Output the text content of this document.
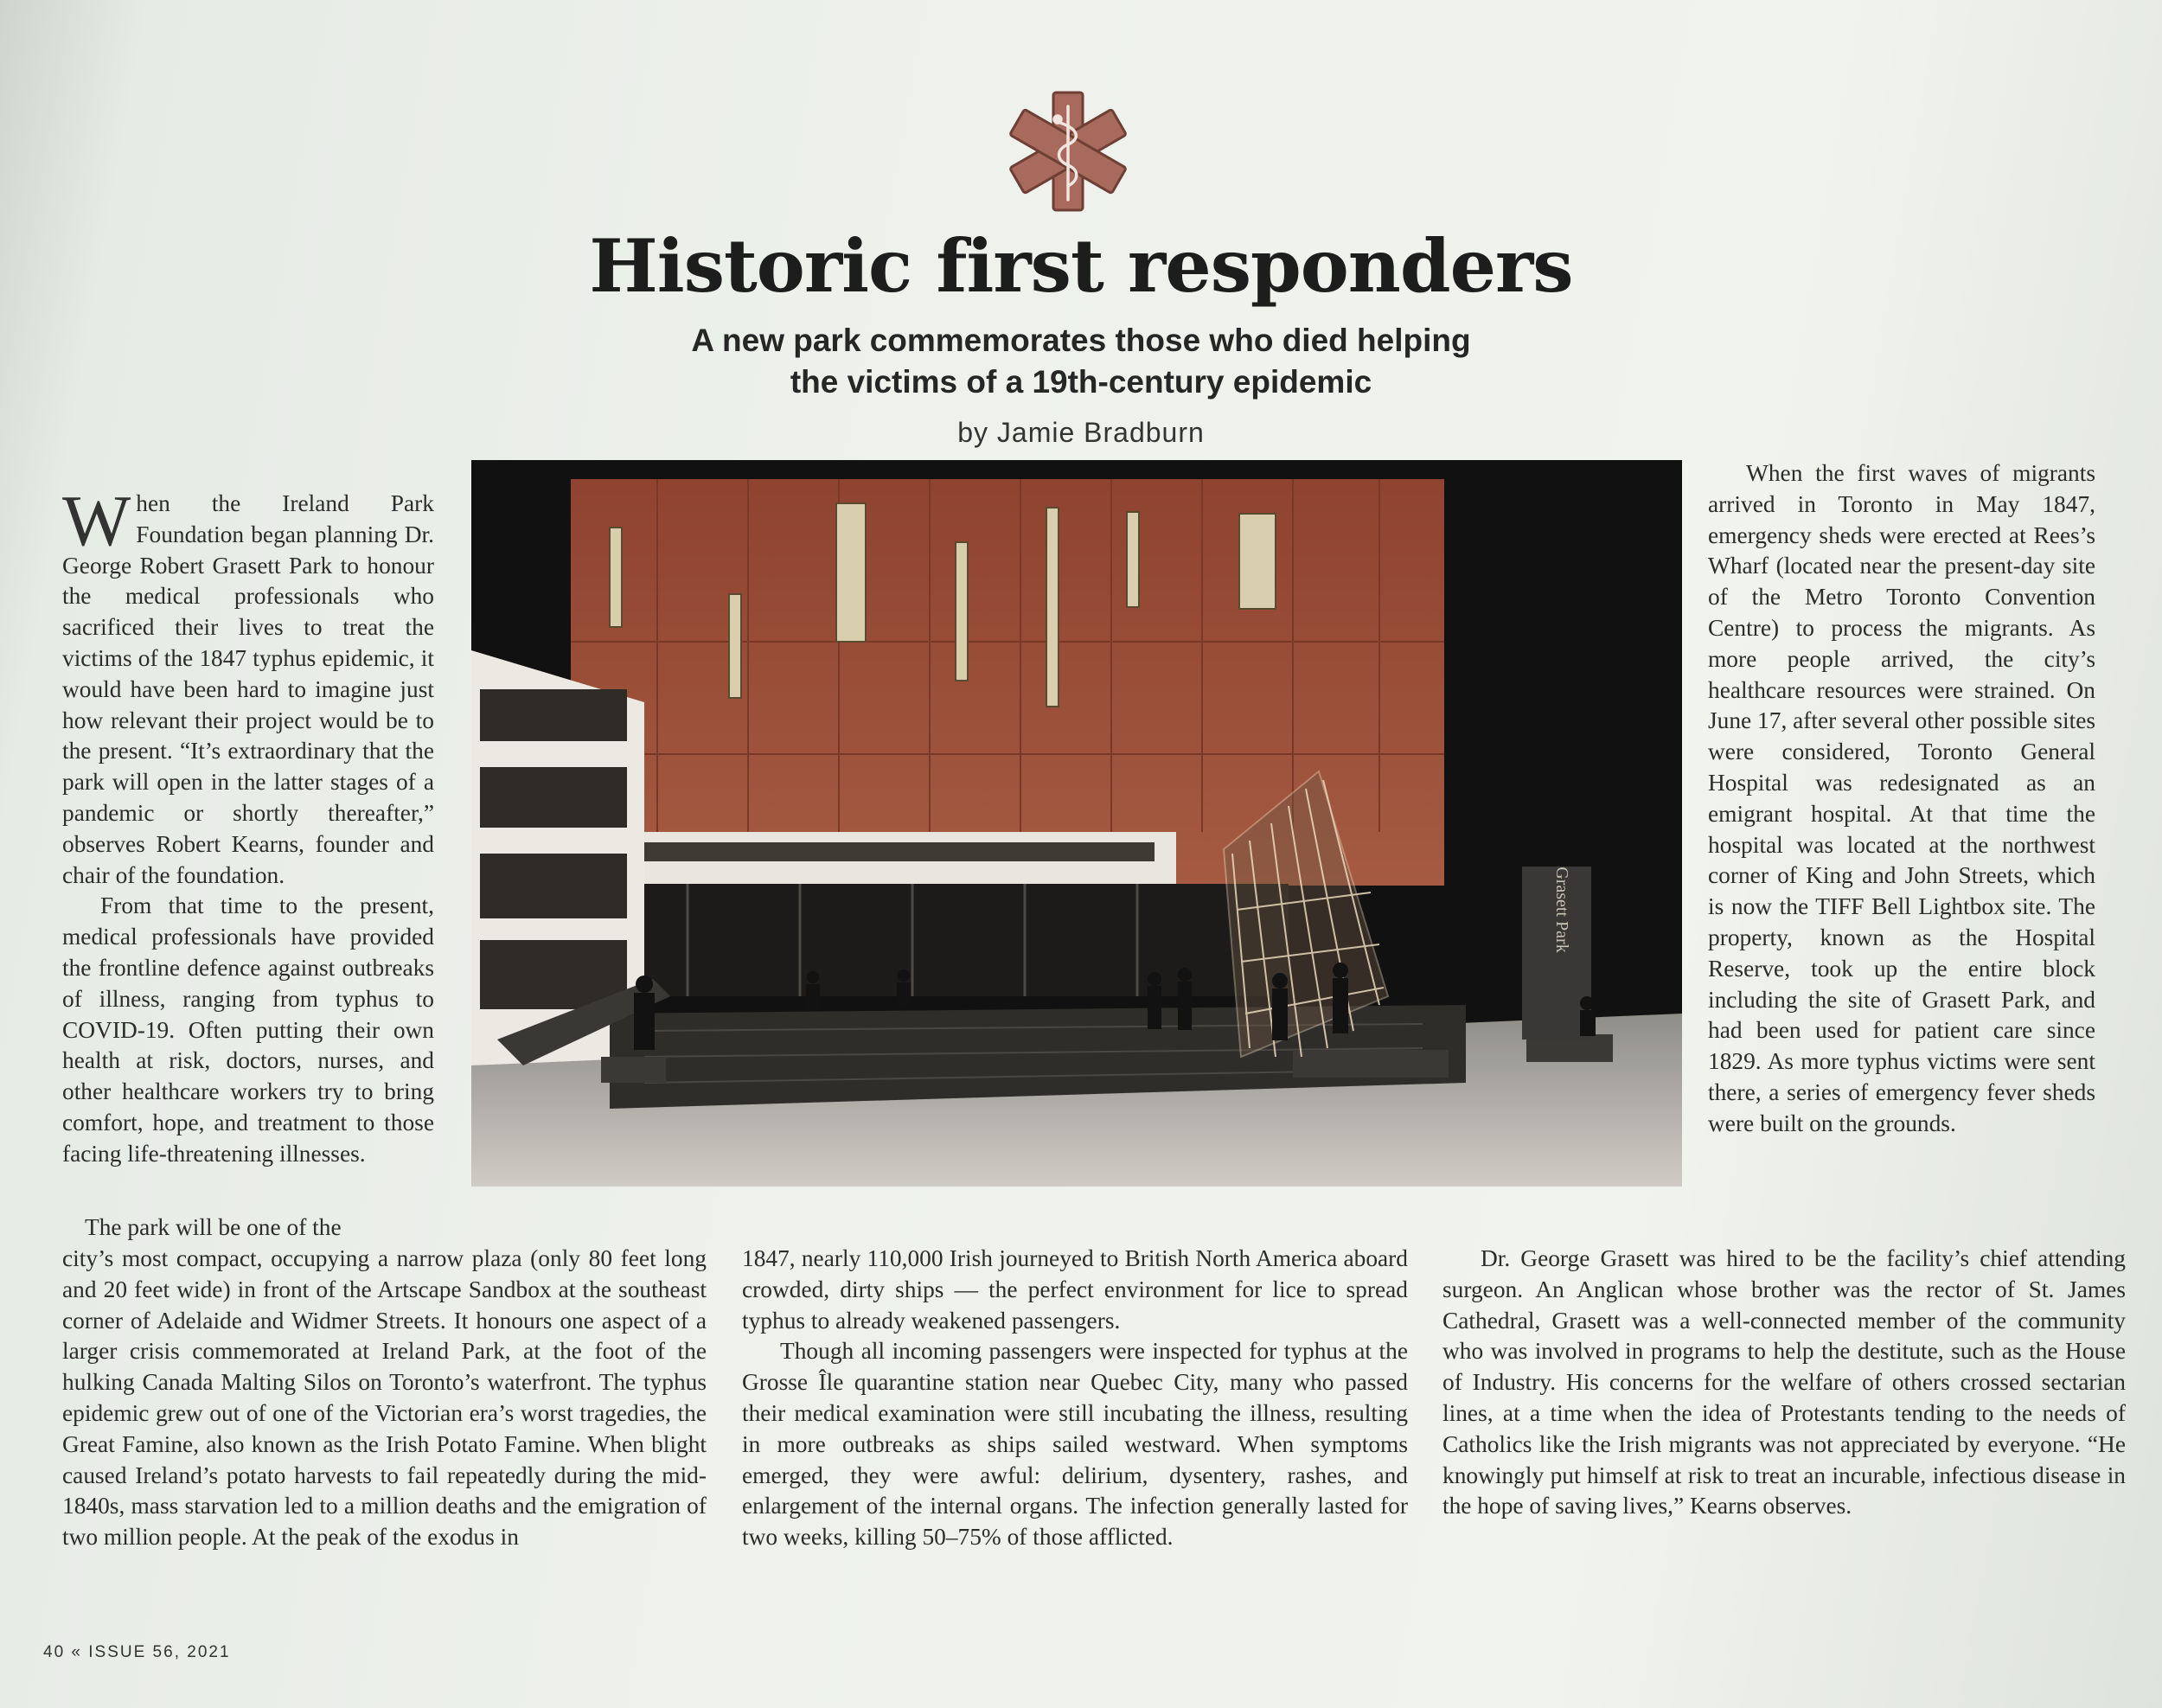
Historic first responders
A new park commemorates those who died helping
the victims of a 19th-century epidemic
by Jamie Bradburn
Grasett Park

When the Ireland Park Foundation began planning Dr. George Robert Grasett Park to honour the medical professionals who sacrificed their lives to treat the victims of the 1847 typhus epidemic, it would have been hard to imagine just how relevant their project would be to the present. “It’s extraordinary that the park will open in the latter stages of a pandemic or shortly thereafter,” observes Robert Kearns, founder and chair of the foundation.

From that time to the present, medical professionals have provided the frontline defence against outbreaks of illness, ranging from typhus to COVID-19. Often putting their own health at risk, doctors, nurses, and other healthcare workers try to bring comfort, hope, and treatment to those facing life-threatening illnesses.

The park will be one of the

When the first waves of migrants arrived in Toronto in May 1847, emergency sheds were erected at Rees’s Wharf (located near the present-day site of the Metro Toronto Convention Centre) to process the migrants. As more people arrived, the city’s healthcare resources were strained. On June 17, after several other possible sites were considered, Toronto General Hospital was redesignated as an emigrant hospital. At that time the hospital was located at the northwest corner of King and John Streets, which is now the TIFF Bell Lightbox site. The property, known as the Hospital Reserve, took up the entire block including the site of Grasett Park, and had been used for patient care since 1829. As more typhus victims were sent there, a series of emergency fever sheds were built on the grounds.

city’s most compact, occupying a narrow plaza (only 80 feet long and 20 feet wide) in front of the Artscape Sandbox at the southeast corner of Adelaide and Widmer Streets. It honours one aspect of a larger crisis commemorated at Ireland Park, at the foot of the hulking Canada Malting Silos on Toronto’s waterfront. The typhus epidemic grew out of one of the Victorian era’s worst tragedies, the Great Famine, also known as the Irish Potato Famine. When blight caused Ireland’s potato harvests to fail repeatedly during the mid-1840s, mass starvation led to a million deaths and the emigration of two million people. At the peak of the exodus in

1847, nearly 110,000 Irish journeyed to British North America aboard crowded, dirty ships — the perfect environment for lice to spread typhus to already weakened passengers.

Though all incoming passengers were inspected for typhus at the Grosse Île quarantine station near Quebec City, many who passed their medical examination were still incubating the illness, resulting in more outbreaks as ships sailed westward. When symptoms emerged, they were awful: delirium, dysentery, rashes, and enlargement of the internal organs. The infection generally lasted for two weeks, killing 50–75% of those afflicted.

Dr. George Grasett was hired to be the facility’s chief attending surgeon. An Anglican whose brother was the rector of St. James Cathedral, Grasett was a well-connected member of the community who was involved in programs to help the destitute, such as the House of Industry. His concerns for the welfare of others crossed sectarian lines, at a time when the idea of Protestants tending to the needs of Catholics like the Irish migrants was not appreciated by everyone. “He knowingly put himself at risk to treat an incurable, infectious disease in the hope of saving lives,” Kearns observes.

40 « ISSUE 56, 2021
